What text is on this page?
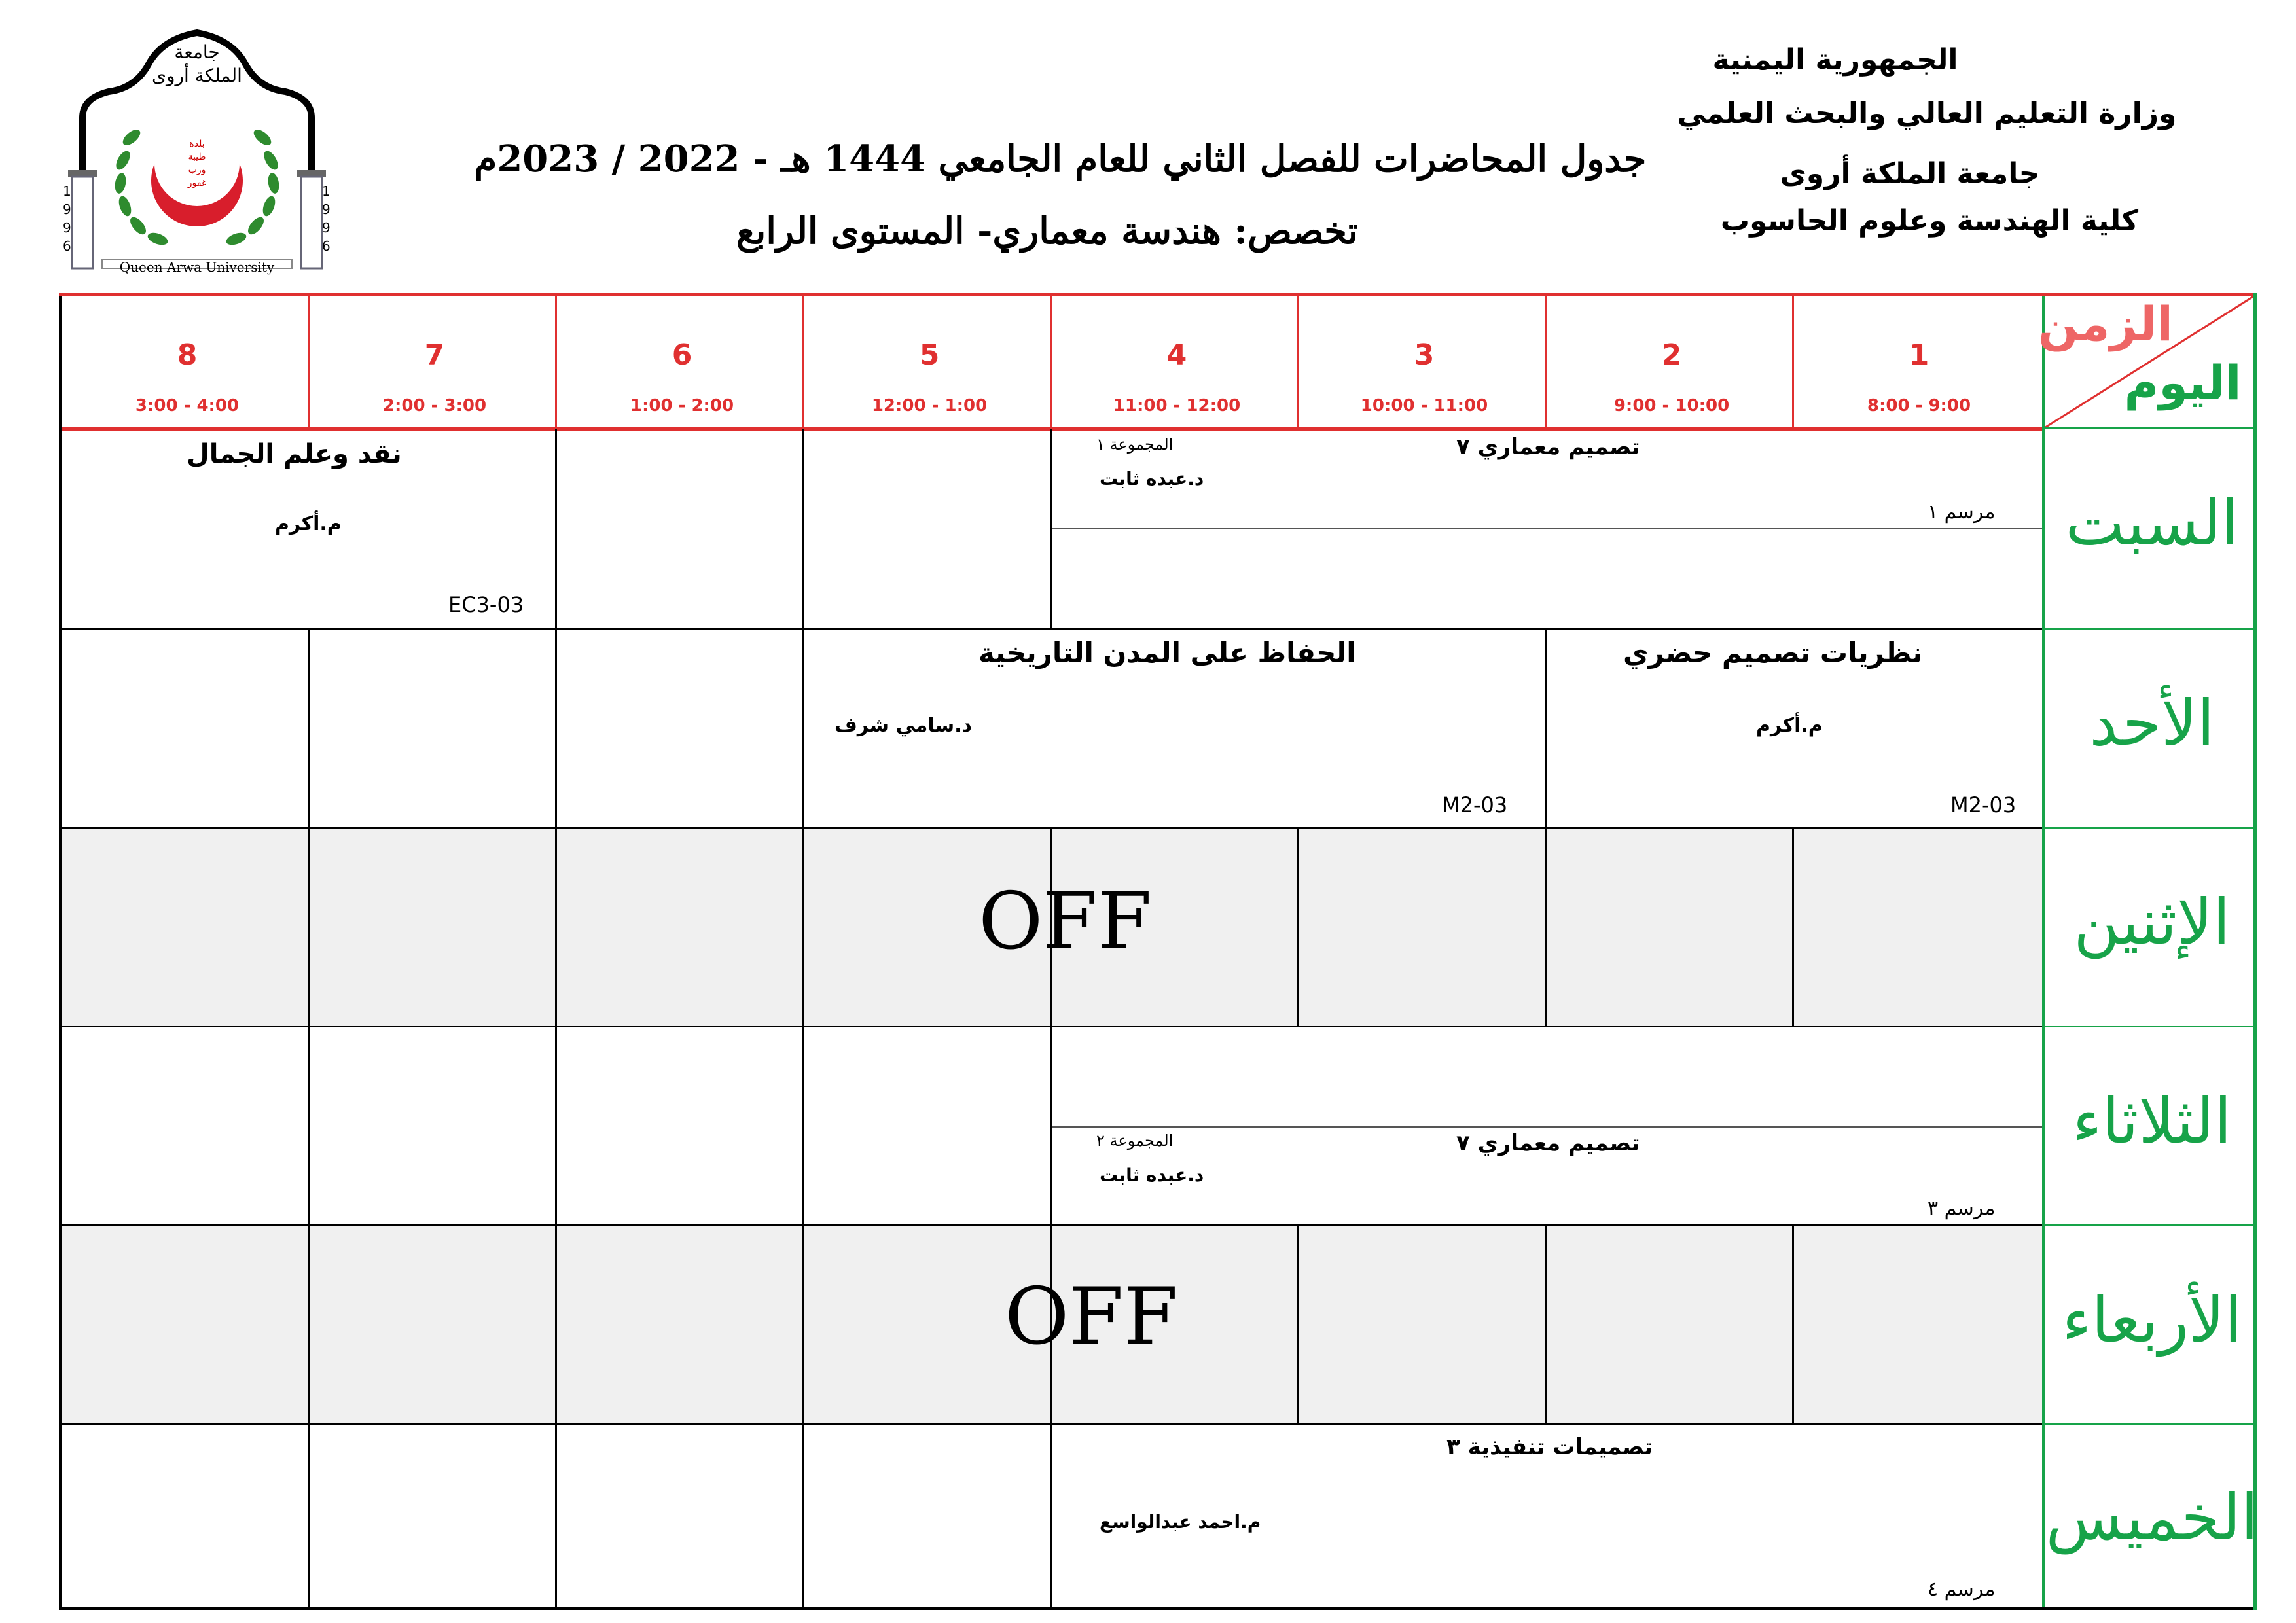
الجمهورية اليمنية
وزارة التعليم العالي والبحث العلمي
جامعة الملكة أروى
كلية الهندسة وعلوم الحاسوب
جدول المحاضرات للفصل الثاني للعام الجامعي 1444 هـ - 2022 / 2023م
تخصص: هندسة معماري- المستوى الرابع
جامعة الملكة أروى
بلدة
طيبة
ورب
غفور
1
9
9
6
1
9
9
6
Queen Arwa University
الزمن
اليوم
1
8:00 - 9:00
2
9:00 - 10:00
3
10:00 - 11:00
4
11:00 - 12:00
5
12:00 - 1:00
6
1:00 - 2:00
7
2:00 - 3:00
8
3:00 - 4:00
السبت
الأحد
الإثنين
الثلاثاء
الأربعاء
الخميس
تصميم معماري ٧
المجموعة ١
د.عبده ثابت
مرسم ١
نقد وعلم الجمال
م.أكرم
EC3-03
نظريات تصميم حضري
م.أكرم
M2-03
الحفاظ على المدن التاريخية
د.سامي شرف
M2-03
OFF
تصميم معماري ٧
المجموعة ٢
د.عبده ثابت
مرسم ٣
OFF
تصميمات تنفيذية ٣
م.احمد عبدالواسع
مرسم ٤
